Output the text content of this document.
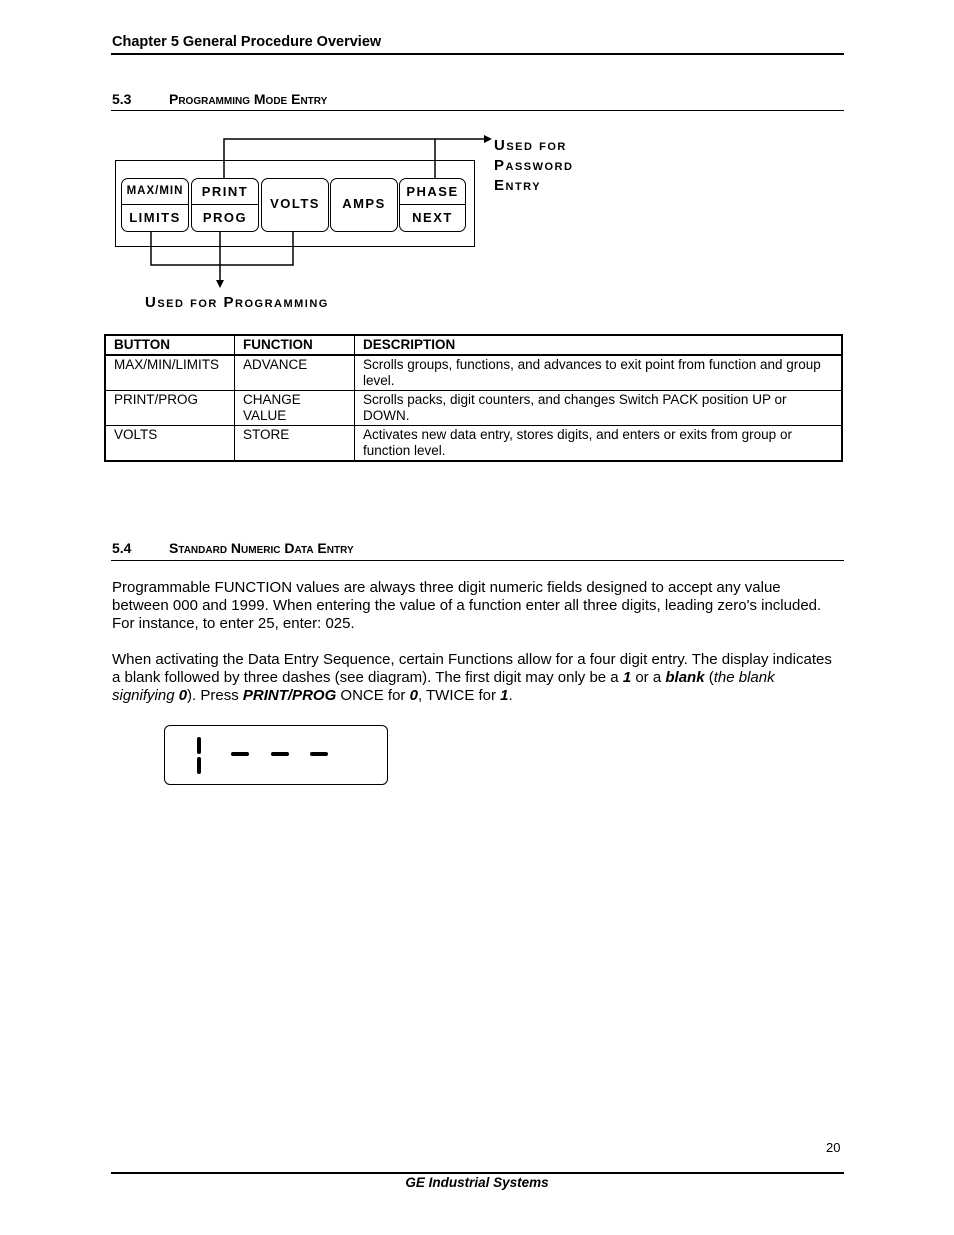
Chapter 5 General Procedure Overview
5.3	Programming Mode Entry
MAX/MIN
LIMITS
PRINT
PROG
VOLTS	AMPS
PHASE
NEXT
Used for
Password
Entry
Used for Programming
BUTTON	FUNCTION	DESCRIPTION
MAX/MIN/LIMITS	ADVANCE	Scrolls groups, functions, and advances to exit point from function and group level.
PRINT/PROG	CHANGE VALUE	Scrolls packs, digit counters, and changes Switch PACK position UP or DOWN.
VOLTS	STORE	Activates new data entry, stores digits, and enters or exits from group or function level.
5.4	Standard Numeric Data Entry
Programmable FUNCTION values are always three digit numeric fields designed to accept any value between 000 and 1999. When entering the value of a function enter all three digits, leading zero's included. For instance, to enter 25, enter: 025.
When activating the Data Entry Sequence, certain Functions allow for a four digit entry. The display indicates a blank followed by three dashes (see diagram). The first digit may only be a 1 or a blank (the blank signifying 0). Press PRINT/PROG ONCE for 0, TWICE for 1.
20
GE Industrial Systems
